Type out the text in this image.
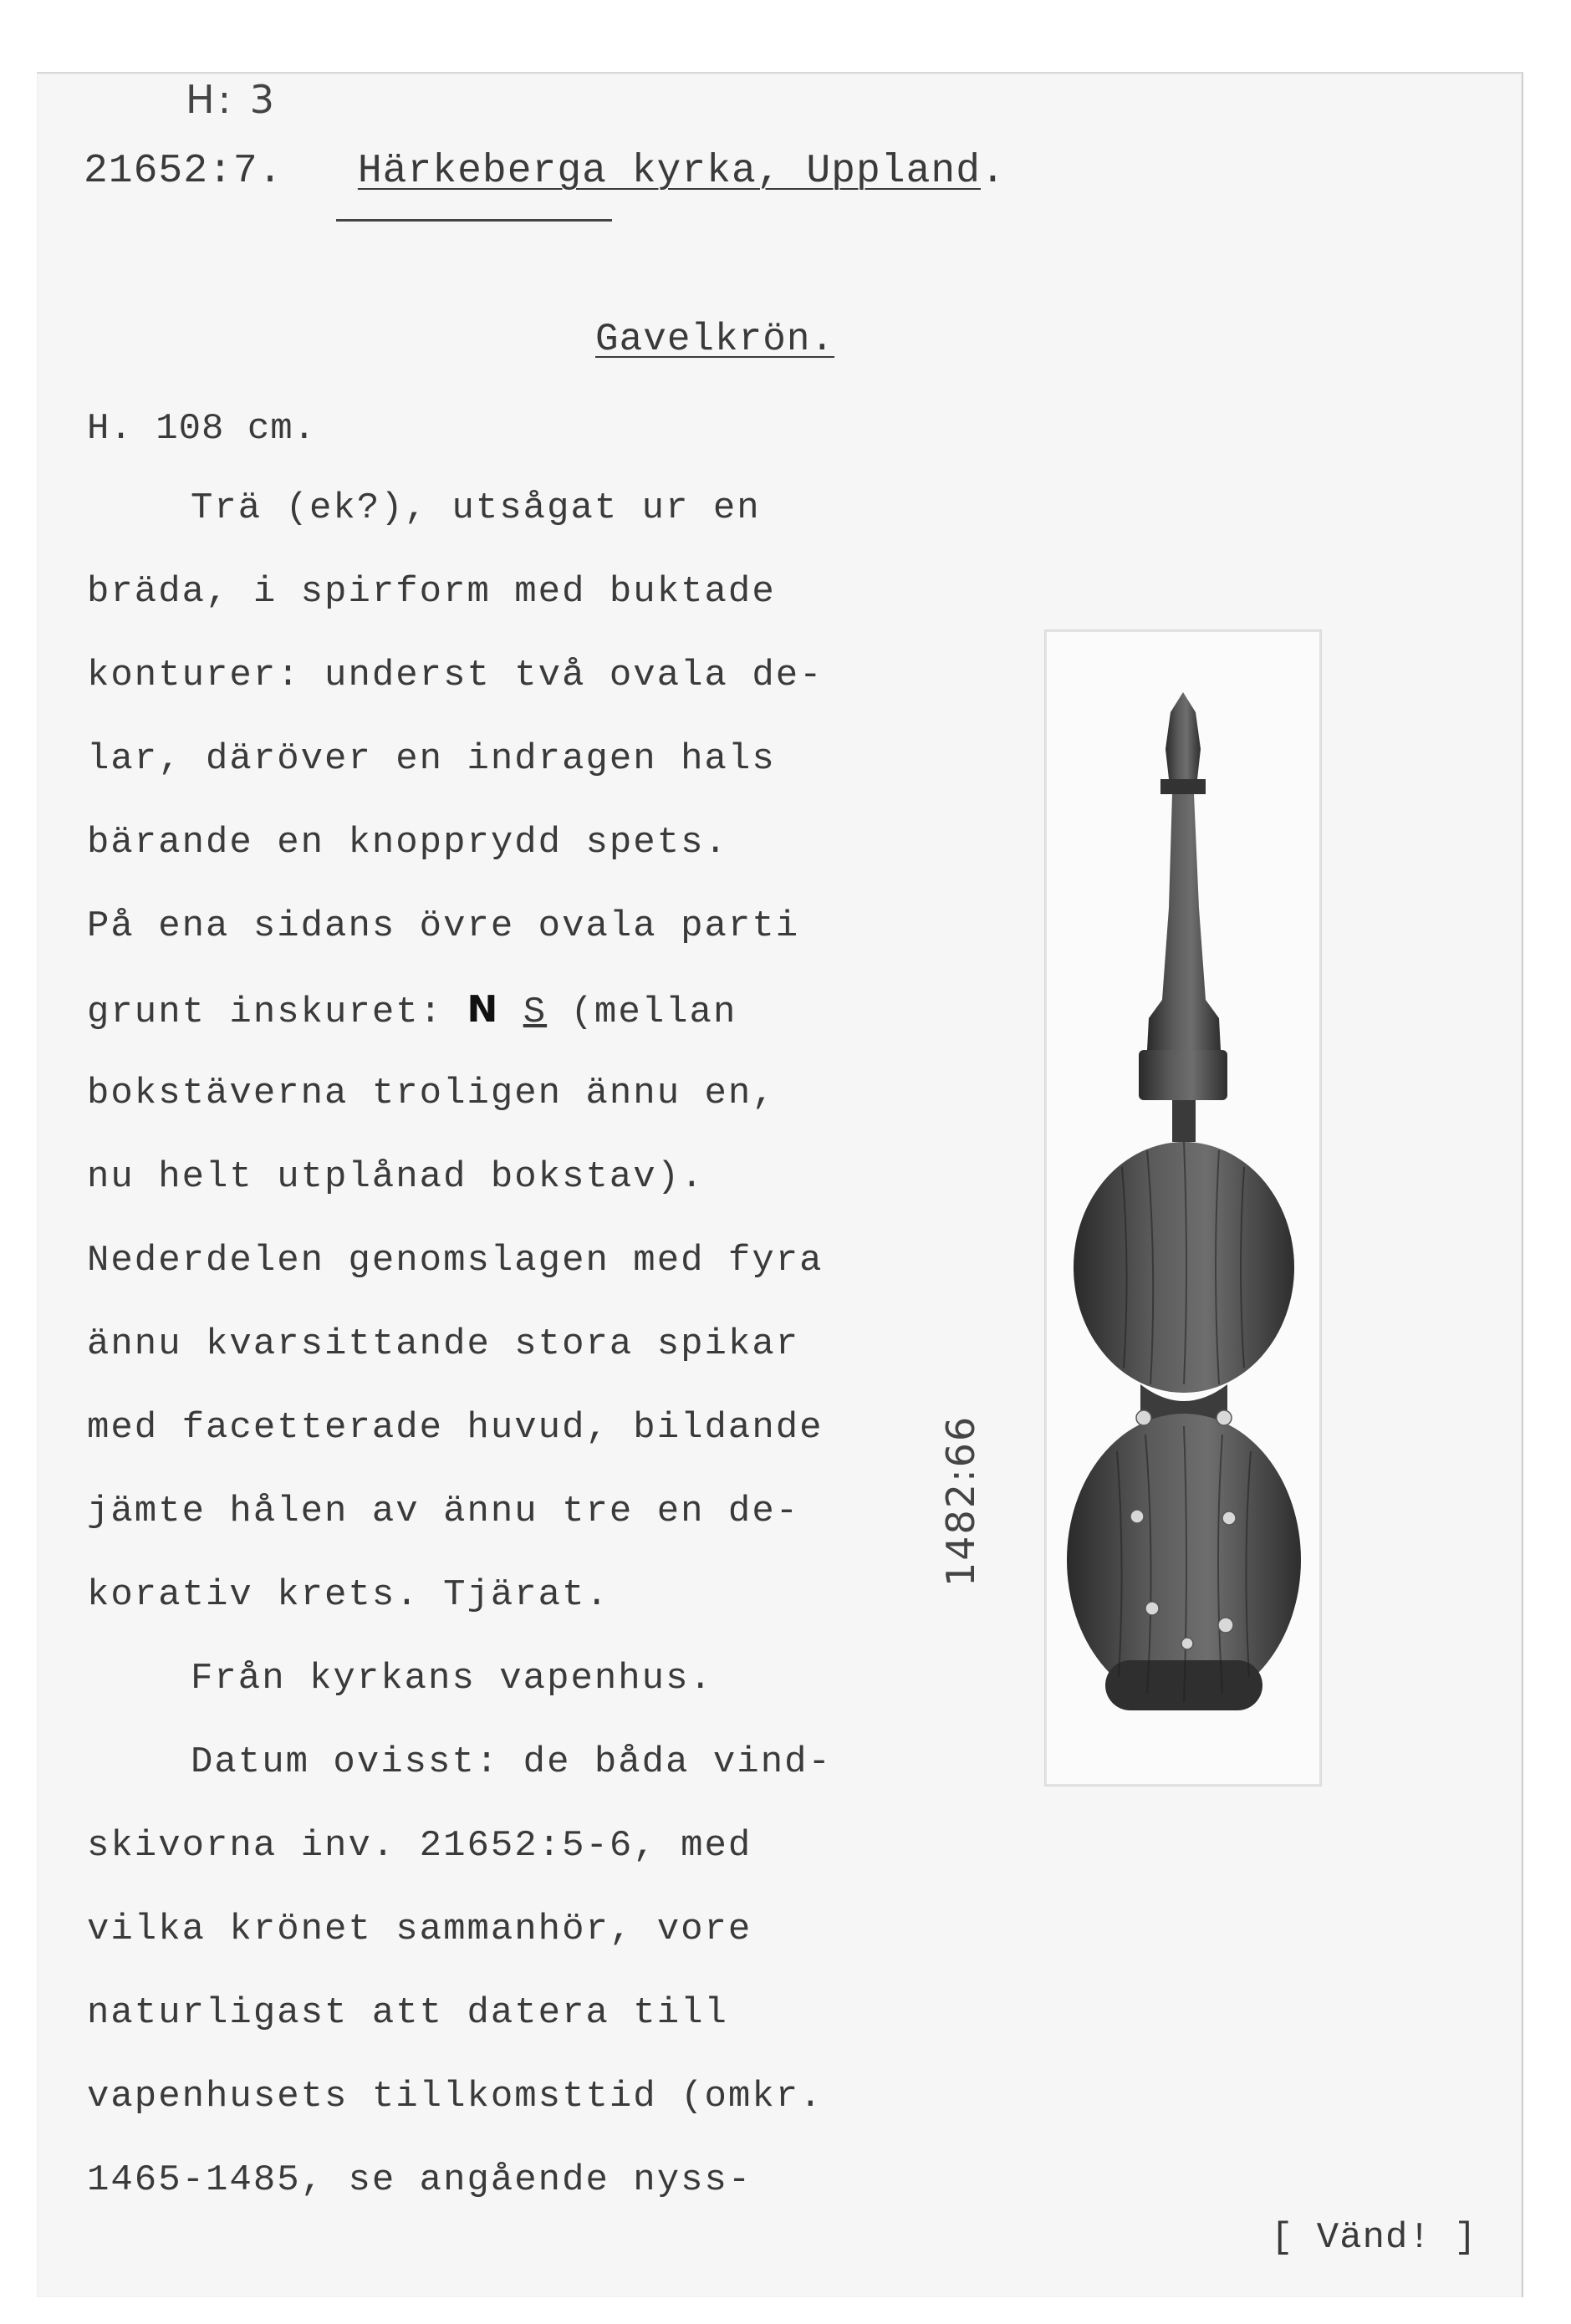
H: 3
21652:7. Härkeberga kyrka, Uppland.
Gavelkrön.
H. 108 cm.
Trä (ek?), utsågat ur en
bräda, i spirform med buktade
konturer: underst två ovala de-
lar, däröver en indragen hals
bärande en knopprydd spets.
På ena sidans övre ovala parti
grunt inskuret: N S (mellan
bokstäverna troligen ännu en,
nu helt utplånad bokstav).
Nederdelen genomslagen med fyra
ännu kvarsittande stora spikar
med facetterade huvud, bildande
jämte hålen av ännu tre en de-
korativ krets. Tjärat.
Från kyrkans vapenhus.
Datum ovisst: de båda vind-
skivorna inv. 21652:5-6, med
vilka krönet sammanhör, vore
naturligast att datera till
vapenhusets tillkomsttid (omkr.
1465-1485, se angående nyss-
1482:66
[ Vänd! ]
